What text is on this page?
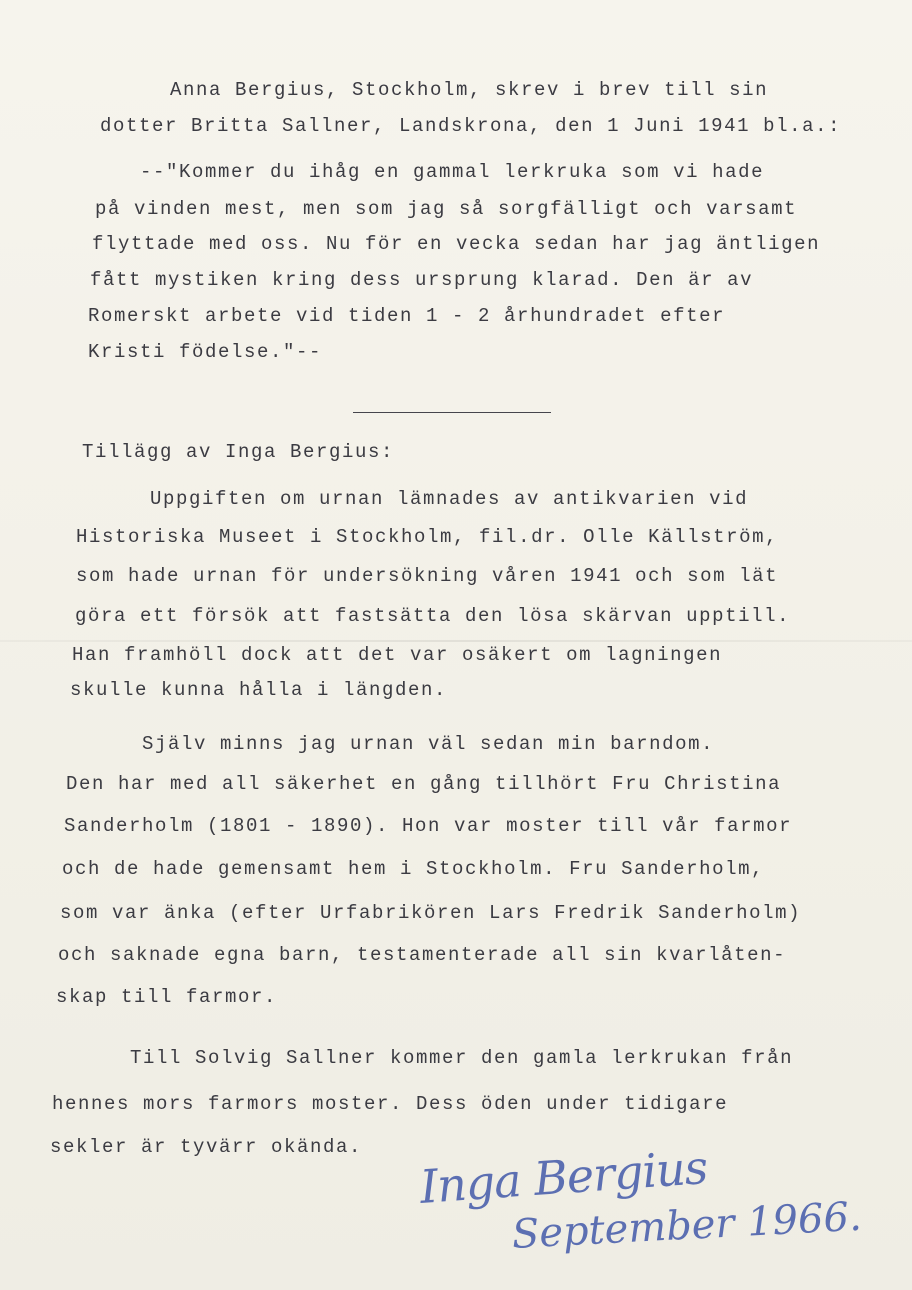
Anna Bergius, Stockholm, skrev i brev till sin
dotter Britta Sallner, Landskrona, den 1 Juni 1941 bl.a.:
--"Kommer du ihåg en gammal lerkruka som vi hade
på vinden mest, men som jag så sorgfälligt och varsamt
flyttade med oss. Nu för en vecka sedan har jag äntligen
fått mystiken kring dess ursprung klarad. Den är av
Romerskt arbete vid tiden 1 - 2 århundradet efter
Kristi födelse."--
Tillägg av Inga Bergius:
Uppgiften om urnan lämnades av antikvarien vid
Historiska Museet i Stockholm, fil.dr. Olle Källström,
som hade urnan för undersökning våren 1941 och som lät
göra ett försök att fastsätta den lösa skärvan upptill.
Han framhöll dock att det var osäkert om lagningen
skulle kunna hålla i längden.
Själv minns jag urnan väl sedan min barndom.
Den har med all säkerhet en gång tillhört Fru Christina
Sanderholm (1801 - 1890). Hon var moster till vår farmor
och de hade gemensamt hem i Stockholm. Fru Sanderholm,
som var änka (efter Urfabrikören Lars Fredrik Sanderholm)
och saknade egna barn, testamenterade all sin kvarlåten-
skap till farmor.
Till Solvig Sallner kommer den gamla lerkrukan från
hennes mors farmors moster. Dess öden under tidigare
sekler är tyvärr okända. Inga Bergius
September 1966.
